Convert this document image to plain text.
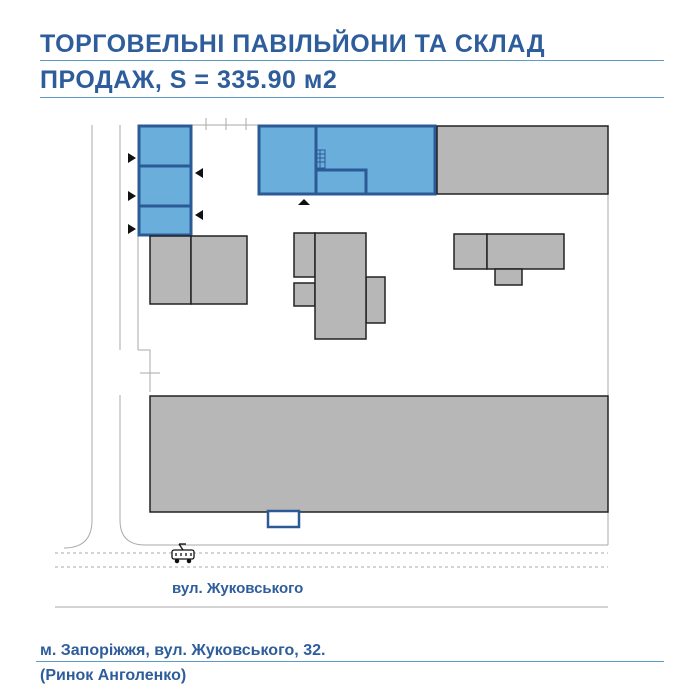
ТОРГОВЕЛЬНІ ПАВІЛЬЙОНИ ТА СКЛАД
ПРОДАЖ, S = 335.90 м2
вул. Жуковського
м. Запоріжжя, вул. Жуковського, 32.
(Ринок Анголенко)
